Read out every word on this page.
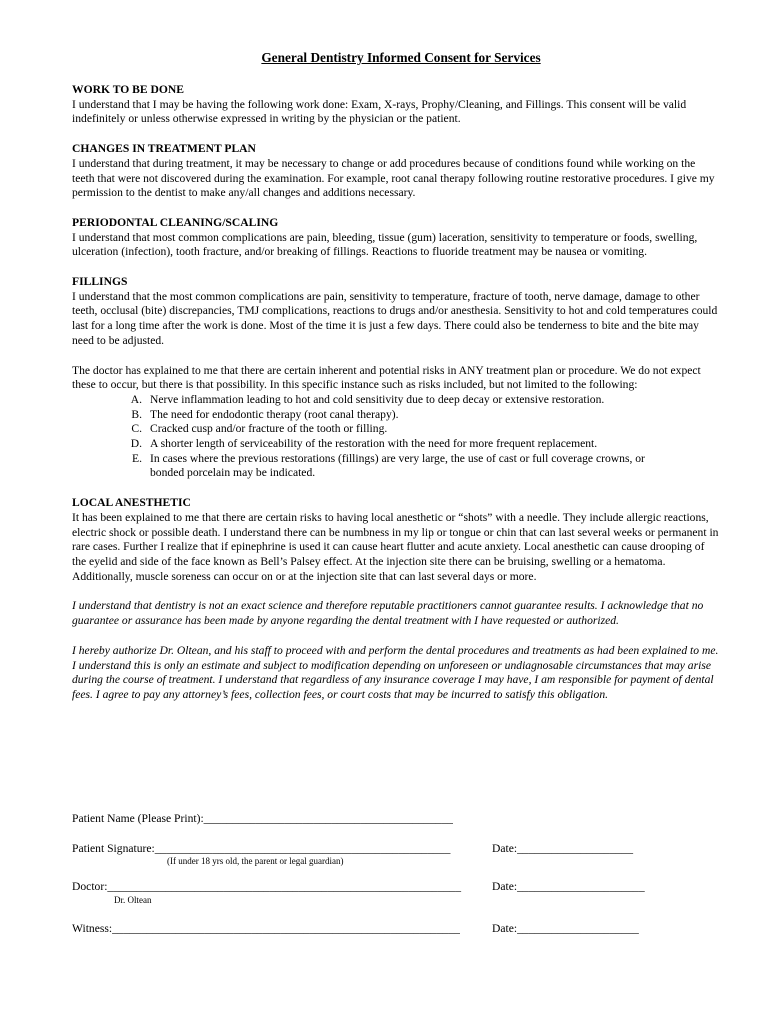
General Dentistry Informed Consent for Services
WORK TO BE DONE

I understand that I may be having the following work done: Exam, X-rays, Prophy/Cleaning, and Fillings. This consent will be valid indefinitely or unless otherwise expressed in writing by the physician or the patient.

CHANGES IN TREATMENT PLAN

I understand that during treatment, it may be necessary to change or add procedures because of conditions found while working on the teeth that were not discovered during the examination. For example, root canal therapy following routine restorative procedures. I give my permission to the dentist to make any/all changes and additions necessary.

PERIODONTAL CLEANING/SCALING

I understand that most common complications are pain, bleeding, tissue (gum) laceration, sensitivity to temperature or foods, swelling, ulceration (infection), tooth fracture, and/or breaking of fillings. Reactions to fluoride treatment may be nausea or vomiting.

FILLINGS

I understand that the most common complications are pain, sensitivity to temperature, fracture of tooth, nerve damage, damage to other teeth, occlusal (bite) discrepancies, TMJ complications, reactions to drugs and/or anesthesia. Sensitivity to hot and cold temperatures could last for a long time after the work is done. Most of the time it is just a few days. There could also be tenderness to bite and the bite may need to be adjusted.

The doctor has explained to me that there are certain inherent and potential risks in ANY treatment plan or procedure. We do not expect these to occur, but there is that possibility. In this specific instance such as risks included, but not limited to the following:
A. Nerve inflammation leading to hot and cold sensitivity due to deep decay or extensive restoration.
B. The need for endodontic therapy (root canal therapy).
C. Cracked cusp and/or fracture of the tooth or filling.
D. A shorter length of serviceability of the restoration with the need for more frequent replacement.
E. In cases where the previous restorations (fillings) are very large, the use of cast or full coverage crowns, or bonded porcelain may be indicated.
LOCAL ANESTHETIC

It has been explained to me that there are certain risks to having local anesthetic or “shots” with a needle. They include allergic reactions, electric shock or possible death. I understand there can be numbness in my lip or tongue or chin that can last several weeks or permanent in rare cases. Further I realize that if epinephrine is used it can cause heart flutter and acute anxiety. Local anesthetic can cause drooping of the eyelid and side of the face known as Bell’s Palsey effect. At the injection site there can be bruising, swelling or a hematoma. Additionally, muscle soreness can occur on or at the injection site that can last several days or more.

I understand that dentistry is not an exact science and therefore reputable practitioners cannot guarantee results. I acknowledge that no guarantee or assurance has been made by anyone regarding the dental treatment with I have requested or authorized.

I hereby authorize Dr. Oltean, and his staff to proceed with and perform the dental procedures and treatments as had been explained to me. I understand this is only an estimate and subject to modification depending on unforeseen or undiagnosable circumstances that may arise during the course of treatment. I understand that regardless of any insurance coverage I may have, I am responsible for payment of dental fees. I agree to pay any attorney’s fees, collection fees, or court costs that may be incurred to satisfy this obligation.

Patient Name (Please Print):___________________________________________
Patient Signature:___________________________________________________	Date:____________________
(If under 18 yrs old, the parent or legal guardian)
Doctor:_____________________________________________________________	Date:______________________
Dr. Oltean
Witness:____________________________________________________________	Date:_____________________
